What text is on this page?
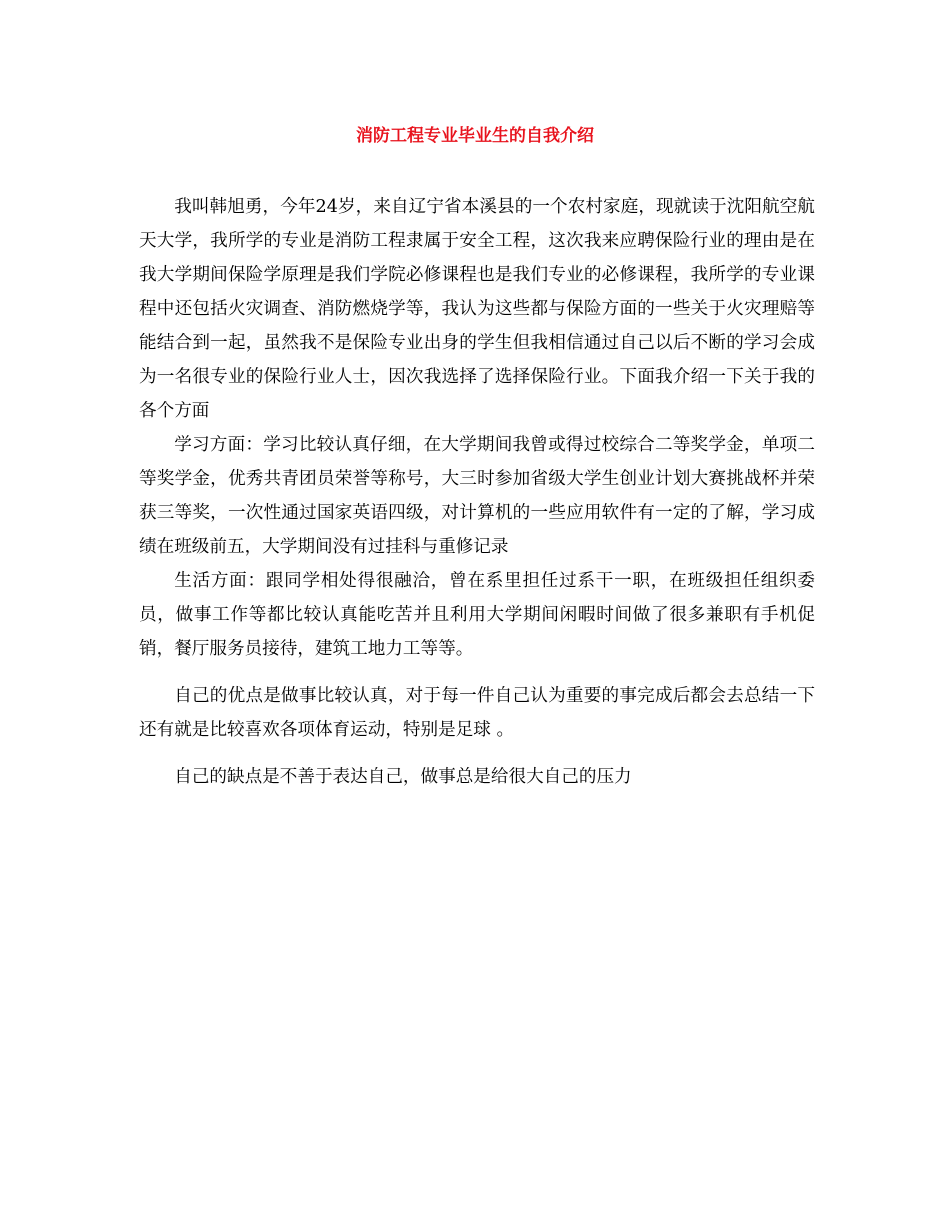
消防工程专业毕业生的自我介绍

我叫韩旭勇，今年24岁，来自辽宁省本溪县的一个农村家庭，现就读于沈阳航空航天大学，我所学的专业是消防工程隶属于安全工程，这次我来应聘保险行业的理由是在我大学期间保险学原理是我们学院必修课程也是我们专业的必修课程，我所学的专业课程中还包括火灾调查、消防燃烧学等，我认为这些都与保险方面的一些关于火灾理赔等能结合到一起，虽然我不是保险专业出身的学生但我相信通过自己以后不断的学习会成为一名很专业的保险行业人士，因次我选择了选择保险行业。下面我介绍一下关于我的各个方面

学习方面：学习比较认真仔细，在大学期间我曾或得过校综合二等奖学金，单项二等奖学金，优秀共青团员荣誉等称号，大三时参加省级大学生创业计划大赛挑战杯并荣获三等奖，一次性通过国家英语四级，对计算机的一些应用软件有一定的了解，学习成绩在班级前五，大学期间没有过挂科与重修记录

生活方面：跟同学相处得很融洽，曾在系里担任过系干一职，在班级担任组织委员，做事工作等都比较认真能吃苦并且利用大学期间闲暇时间做了很多兼职有手机促销，餐厅服务员接待，建筑工地力工等等。

自己的优点是做事比较认真，对于每一件自己认为重要的事完成后都会去总结一下还有就是比较喜欢各项体育运动，特别是足球 。

自己的缺点是不善于表达自己，做事总是给很大自己的压力
